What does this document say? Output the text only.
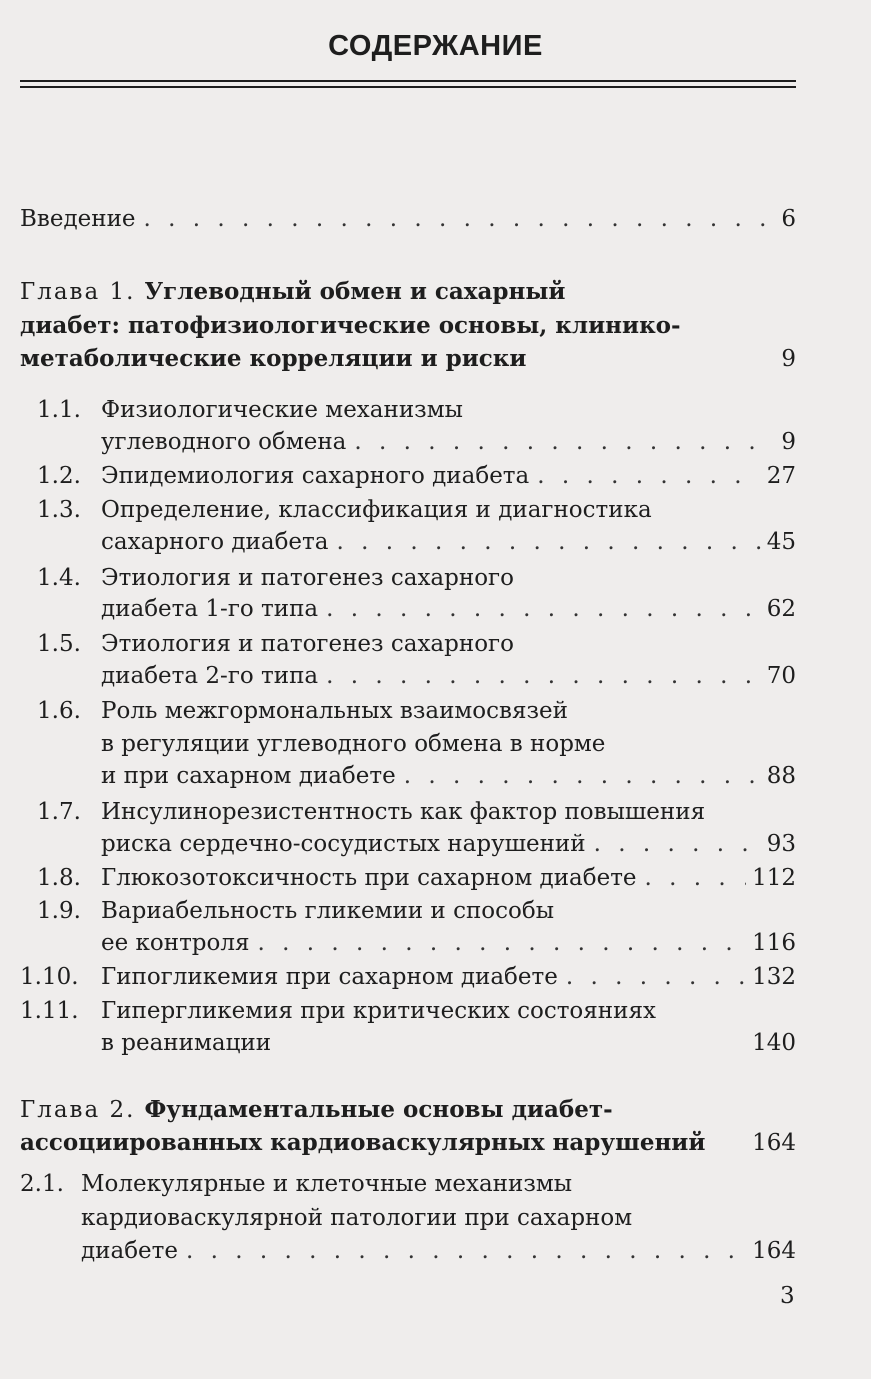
СОДЕРЖАНИЕ
Введение . . .	6
Глава 1. Углеводный обмен и сахарный
диабет: патофизиологические основы, клинико-
метаболические корреляции и риски	9
1.1. Физиологические механизмы
углеводного обмена . . .	9
1.2. Эпидемиология сахарного диабета . . .	27
1.3. Определение, классификация и диагностика
сахарного диабета . . .	45
1.4. Этиология и патогенез сахарного
диабета 1-го типа . . .	62
1.5. Этиология и патогенез сахарного
диабета 2-го типа . . .	70
1.6. Роль межгормональных взаимосвязей
в регуляции углеводного обмена в норме
и при сахарном диабете . . .	88
1.7. Инсулинорезистентность как фактор повышения
риска сердечно-сосудистых нарушений . . .	93
1.8. Глюкозотоксичность при сахарном диабете . . .	112
1.9. Вариабельность гликемии и способы
ее контроля . . .	116
1.10. Гипогликемия при сахарном диабете . . .	132
1.11. Гипергликемия при критических состояниях
в реанимации	140
Глава 2. Фундаментальные основы диабет-
ассоциированных кардиоваскулярных нарушений 164
2.1. Молекулярные и клеточные механизмы
кардиоваскулярной патологии при сахарном
диабете . . .	164
3
